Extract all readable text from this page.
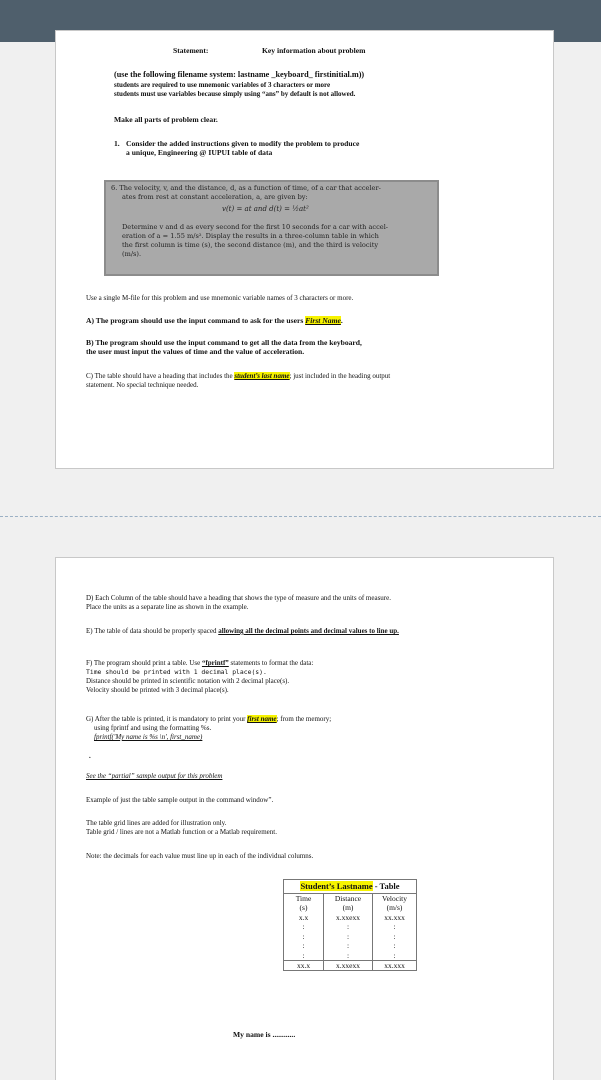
Statement:	Key information about problem
(use the following filename system: lastname _keyboard_ firstinitial.m))
students are required to use mnemonic variables of 3 characters or more
students must use variables because simply using “ans” by default is not allowed.
Make all parts of problem clear.
1. Consider the added instructions given to modify the problem to produce
a unique, Engineering @ IUPUI table of data
6. The velocity, v, and the distance, d, as a function of time, of a car that acceler-
ates from rest at constant acceleration, a, are given by:
v(t) = at and d(t) = ½at²
Determine v and d as every second for the first 10 seconds for a car with accel-
eration of a = 1.55 m/s². Display the results in a three-column table in which
the first column is time (s), the second distance (m), and the third is velocity
(m/s).
Use a single M-file for this problem and use mnemonic variable names of 3 characters or more.
A) The program should use the input command to ask for the users First Name.
B) The program should use the input command to get all the data from the keyboard,
the user must input the values of time and the value of acceleration.
C) The table should have a heading that includes the student’s last name; just included in the heading output
statement. No special technique needed.
D) Each Column of the table should have a heading that shows the type of measure and the units of measure.
Place the units as a separate line as shown in the example.
E) The table of data should be properly spaced allowing all the decimal points and decimal values to line up.
F) The program should print a table. Use “fprintf” statements to format the data:
Time should be printed with 1 decimal place(s).
Distance should be printed in scientific notation with 2 decimal place(s).
Velocity should be printed with 3 decimal place(s).
G) After the table is printed, it is mandatory to print your first name; from the memory;
using fprintf and using the formatting %s.
fprintf('My name is %s \n', first_name)
.
See the “partial” sample output for this problem
Example of just the table sample output in the command window”.
The table grid lines are added for illustration only.
Table grid / lines are not a Matlab function or a Matlab requirement.
Note: the decimals for each value must line up in each of the individual columns.
Student’s Lastname - Table		
Time	Distance	Velocity
(s)	(m)	(m/s)
x.x	x.xxexx	xx.xxx
:	:	:
:	:	:
:	:	:
:	:	:
xx.x	x.xxexx	xx.xxx
My name is ............
